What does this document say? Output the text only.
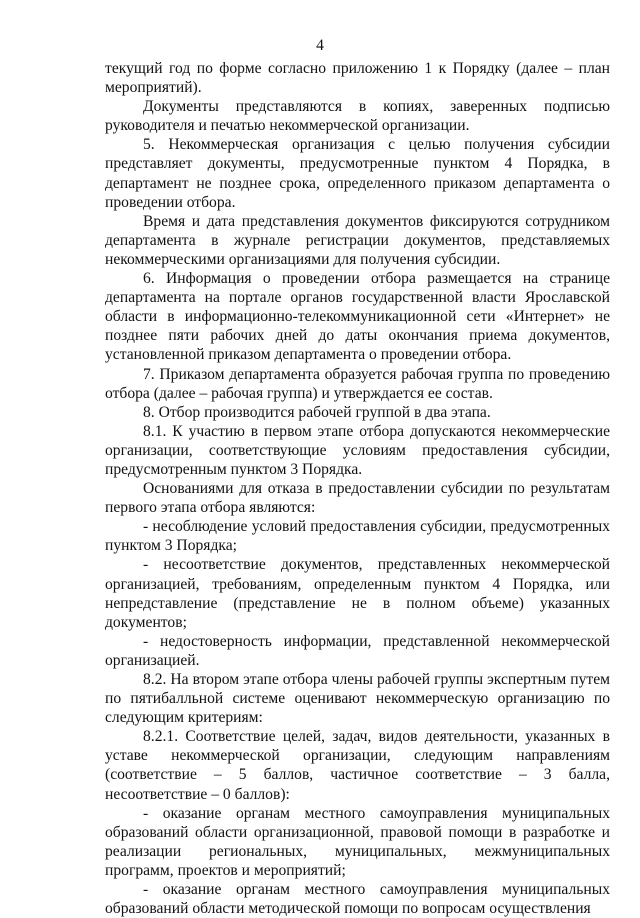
4

текущий год по форме согласно приложению 1 к Порядку (далее – план мероприятий).

Документы представляются в копиях, заверенных подписью руководителя и печатью некоммерческой организации.

5. Некоммерческая организация с целью получения субсидии представляет документы, предусмотренные пунктом 4 Порядка, в департамент не позднее срока, определенного приказом департамента о проведении отбора.

Время и дата представления документов фиксируются сотрудником департамента в журнале регистрации документов, представляемых некоммерческими организациями для получения субсидии.

6. Информация о проведении отбора размещается на странице департамента на портале органов государственной власти Ярославской области в информационно-телекоммуникационной сети «Интернет» не позднее пяти рабочих дней до даты окончания приема документов, установленной приказом департамента о проведении отбора.

7. Приказом департамента образуется рабочая группа по проведению отбора (далее – рабочая группа) и утверждается ее состав.

8. Отбор производится рабочей группой в два этапа.

8.1. К участию в первом этапе отбора допускаются некоммерческие организации, соответствующие условиям предоставления субсидии, предусмотренным пунктом 3 Порядка.

Основаниями для отказа в предоставлении субсидии по результатам первого этапа отбора являются:

- несоблюдение условий предоставления субсидии, предусмотренных пунктом 3 Порядка;

- несоответствие документов, представленных некоммерческой организацией, требованиям, определенным пунктом 4 Порядка, или непредставление (представление не в полном объеме) указанных документов;

- недостоверность информации, представленной некоммерческой организацией.

8.2. На втором этапе отбора члены рабочей группы экспертным путем по пятибалльной системе оценивают некоммерческую организацию по следующим критериям:

8.2.1. Соответствие целей, задач, видов деятельности, указанных в уставе некоммерческой организации, следующим направлениям (соответствие – 5 баллов, частичное соответствие – 3 балла, несоответствие – 0 баллов):

- оказание органам местного самоуправления муниципальных образований области организационной, правовой помощи в разработке и реализации региональных, муниципальных, межмуниципальных программ, проектов и мероприятий;

- оказание органам местного самоуправления муниципальных образований области методической помощи по вопросам осуществления
